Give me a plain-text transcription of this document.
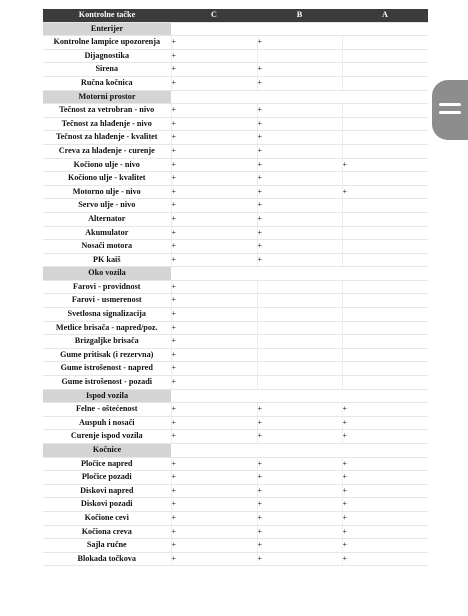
Kontrolne tačke	C	B	A
Enterijer			
Kontrolne lampice upozorenja	+	+	
Dijagnostika	+		
Sirena	+	+	
Ručna kočnica	+	+	
Motorni prostor			
Tečnost za vetrobran - nivo	+	+	
Tečnost za hlađenje - nivo	+	+	
Tečnost za hlađenje - kvalitet	+	+	
Creva za hlađenje - curenje	+	+	
Kočiono ulje - nivo	+	+	+
Kočiono ulje - kvalitet	+	+	
Motorno ulje - nivo	+	+	+
Servo ulje - nivo	+	+	
Alternator	+	+	
Akumulator	+	+	
Nosači motora	+	+	
PK kaiš	+	+	
Oko vozila			
Farovi - providnost	+		
Farovi - usmerenost	+		
Svetlosna signalizacija	+		
Metlice brisača - napred/poz.	+		
Brizgaljke brisača	+		
Gume pritisak (i rezervna)	+		
Gume istrošenost - napred	+		
Gume istrošenost - pozadi	+		
Ispod vozila			
Felne - oštećenost	+	+	+
Auspuh i nosači	+	+	+
Curenje ispod vozila	+	+	+
Kočnice			
Pločice napred	+	+	+
Pločice pozadi	+	+	+
Diskovi napred	+	+	+
Diskovi pozadi	+	+	+
Kočione cevi	+	+	+
Kočiona creva	+	+	+
Sajla ručne	+	+	+
Blokada točkova	+	+	+
